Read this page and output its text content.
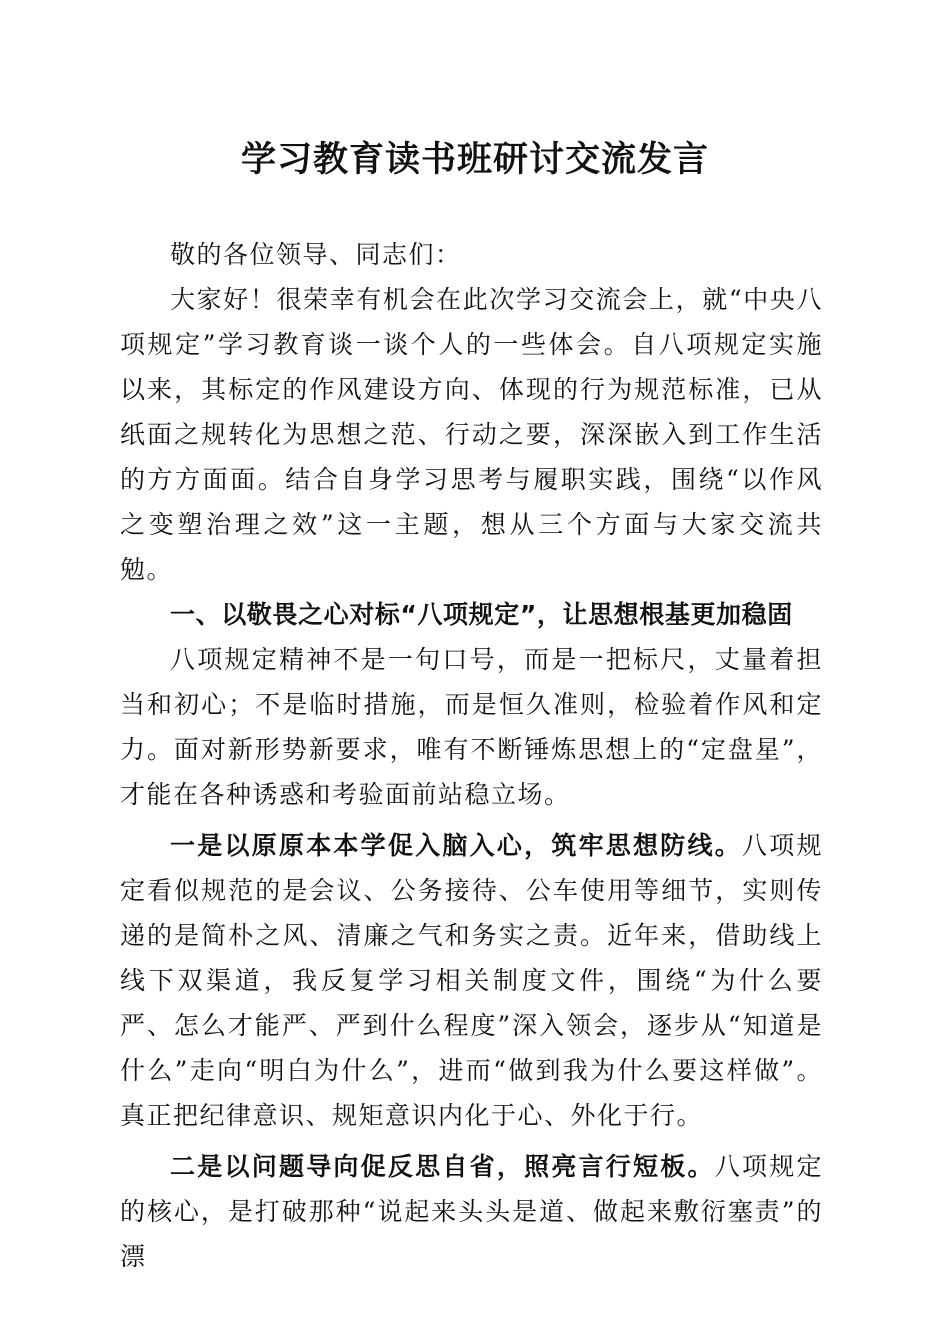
学习教育读书班研讨交流发言

敬的各位领导、同志们：

大家好！很荣幸有机会在此次学习交流会上，就“中央八项规定”学习教育谈一谈个人的一些体会。自八项规定实施以来，其标定的作风建设方向、体现的行为规范标准，已从纸面之规转化为思想之范、行动之要，深深嵌入到工作生活的方方面面。结合自身学习思考与履职实践，围绕“以作风之变塑治理之效”这一主题，想从三个方面与大家交流共勉。

一、以敬畏之心对标“八项规定”，让思想根基更加稳固

八项规定精神不是一句口号，而是一把标尺，丈量着担当和初心；不是临时措施，而是恒久准则，检验着作风和定力。面对新形势新要求，唯有不断锤炼思想上的“定盘星”，才能在各种诱惑和考验面前站稳立场。

一是以原原本本学促入脑入心，筑牢思想防线。八项规定看似规范的是会议、公务接待、公车使用等细节，实则传递的是简朴之风、清廉之气和务实之责。近年来，借助线上线下双渠道，我反复学习相关制度文件，围绕“为什么要严、怎么才能严、严到什么程度”深入领会，逐步从“知道是什么”走向“明白为什么”，进而“做到我为什么要这样做”。真正把纪律意识、规矩意识内化于心、外化于行。

二是以问题导向促反思自省，照亮言行短板。八项规定的核心，是打破那种“说起来头头是道、做起来敷衍塞责”的漂
